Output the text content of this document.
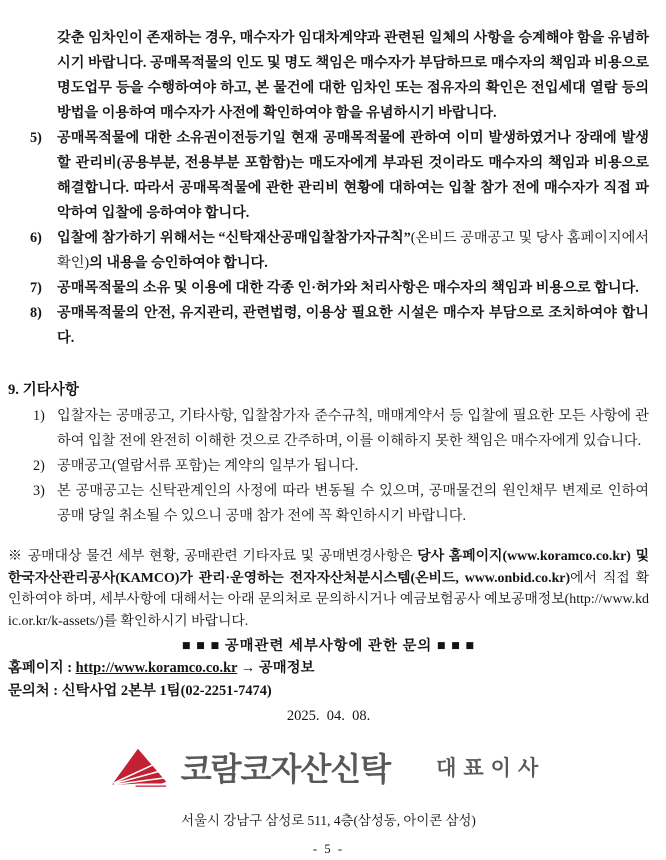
갖춘 임차인이 존재하는 경우, 매수자가 임대차계약과 관련된 일체의 사항을 승계해야 함을 유념하시기 바랍니다. 공매목적물의 인도 및 명도 책임은 매수자가 부담하므로 매수자의 책임과 비용으로 명도업무 등을 수행하여야 하고, 본 물건에 대한 임차인 또는 점유자의 확인은 전입세대 열람 등의 방법을 이용하여 매수자가 사전에 확인하여야 함을 유념하시기 바랍니다.

5) 공매목적물에 대한 소유권이전등기일 현재 공매목적물에 관하여 이미 발생하였거나 장래에 발생할 관리비(공용부분, 전용부분 포함함)는 매도자에게 부과된 것이라도 매수자의 책임과 비용으로 해결합니다. 따라서 공매목적물에 관한 관리비 현황에 대하여는 입찰 참가 전에 매수자가 직접 파악하여 입찰에 응하여야 합니다.
6) 입찰에 참가하기 위해서는 “신탁재산공매입찰참가자규칙”(온비드 공매공고 및 당사 홈페이지에서 확인)의 내용을 승인하여야 합니다.
7) 공매목적물의 소유 및 이용에 대한 각종 인·허가와 처리사항은 매수자의 책임과 비용으로 합니다.
8) 공매목적물의 안전, 유지관리, 관련법령, 이용상 필요한 시설은 매수자 부담으로 조치하여야 합니다.
9. 기타사항
1) 입찰자는 공매공고, 기타사항, 입찰참가자 준수규칙, 매매계약서 등 입찰에 필요한 모든 사항에 관하여 입찰 전에 완전히 이해한 것으로 간주하며, 이를 이해하지 못한 책임은 매수자에게 있습니다.
2) 공매공고(열람서류 포함)는 계약의 일부가 됩니다.
3) 본 공매공고는 신탁관계인의 사정에 따라 변동될 수 있으며, 공매물건의 원인채무 변제로 인하여 공매 당일 취소될 수 있으니 공매 참가 전에 꼭 확인하시기 바랍니다.

※ 공매대상 물건 세부 현황, 공매관련 기타자료 및 공매변경사항은 당사 홈페이지(www.koramco.co.kr) 및 한국자산관리공사(KAMCO)가 관리·운영하는 전자자산처분시스템(온비드, www.onbid.co.kr)에서 직접 확인하여야 하며, 세부사항에 대해서는 아래 문의처로 문의하시거나 예금보험공사 예보공매정보(http://www.kdic.or.kr/k-assets/)를 확인하시기 바랍니다.

■ ■ ■ 공매관련 세부사항에 관한 문의 ■ ■ ■
홈페이지 : http://www.koramco.co.kr → 공매정보
문의처 : 신탁사업 2본부 1팀(02-2251-7474)
2025.  04.  08.
코람코자산신탁 대표이사
서울시 강남구 삼성로 511, 4층(삼성동, 아이콘 삼성)
- 5 -
